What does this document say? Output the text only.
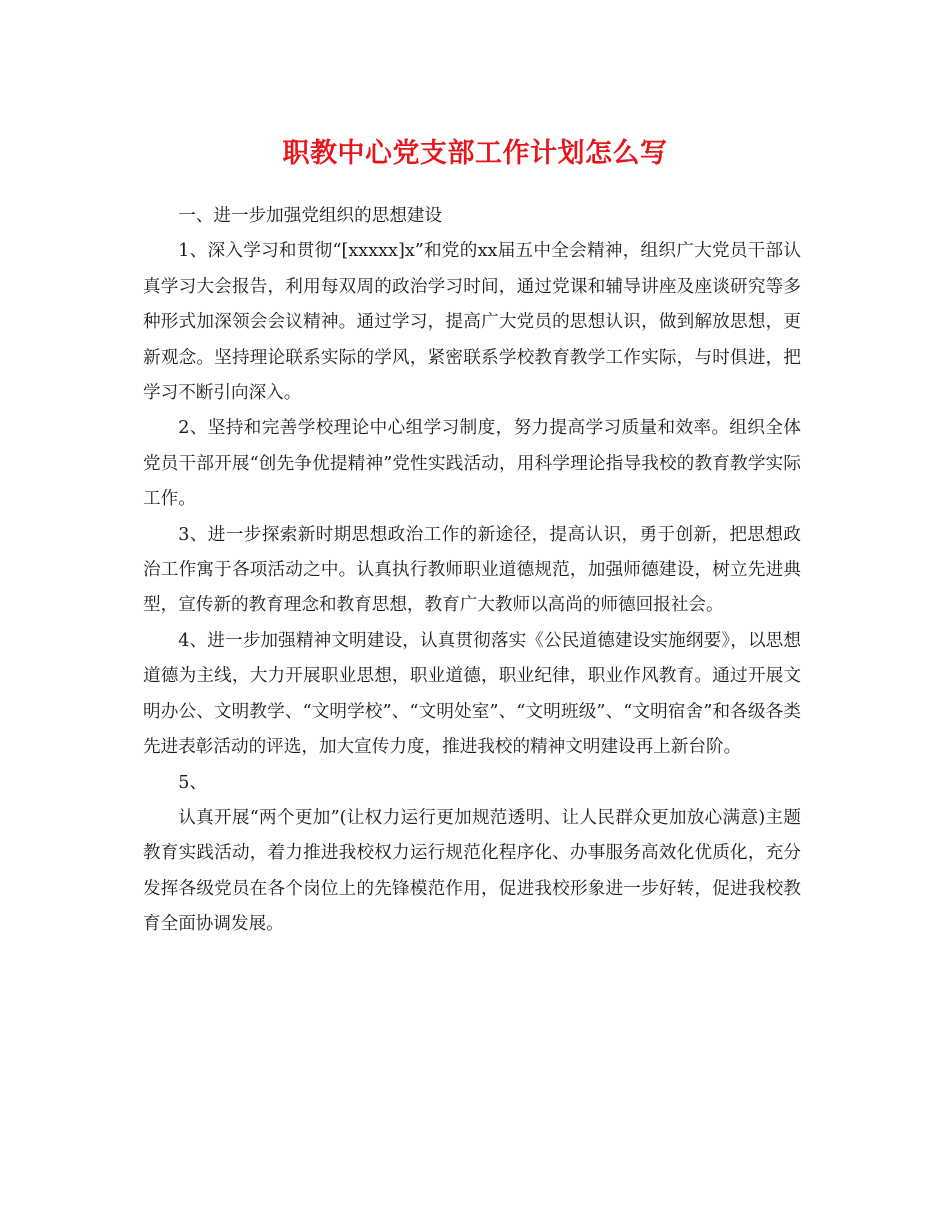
职教中心党支部工作计划怎么写

一、进一步加强党组织的思想建设

1、深入学习和贯彻“[xxxxx]x”和党的xx届五中全会精神，组织广大党员干部认真学习大会报告，利用每双周的政治学习时间，通过党课和辅导讲座及座谈研究等多种形式加深领会会议精神。通过学习，提高广大党员的思想认识，做到解放思想，更新观念。坚持理论联系实际的学风，紧密联系学校教育教学工作实际，与时俱进，把学习不断引向深入。

2、坚持和完善学校理论中心组学习制度，努力提高学习质量和效率。组织全体党员干部开展“创先争优提精神”党性实践活动，用科学理论指导我校的教育教学实际工作。

3、进一步探索新时期思想政治工作的新途径，提高认识，勇于创新，把思想政治工作寓于各项活动之中。认真执行教师职业道德规范，加强师德建设，树立先进典型，宣传新的教育理念和教育思想，教育广大教师以高尚的师德回报社会。

4、进一步加强精神文明建设，认真贯彻落实《公民道德建设实施纲要》，以思想道德为主线，大力开展职业思想，职业道德，职业纪律，职业作风教育。通过开展文明办公、文明教学、“文明学校”、“文明处室”、“文明班级”、“文明宿舍”和各级各类先进表彰活动的评选，加大宣传力度，推进我校的精神文明建设再上新台阶。

5、

认真开展“两个更加”(让权力运行更加规范透明、让人民群众更加放心满意)主题教育实践活动，着力推进我校权力运行规范化程序化、办事服务高效化优质化，充分发挥各级党员在各个岗位上的先锋模范作用，促进我校形象进一步好转，促进我校教育全面协调发展。
